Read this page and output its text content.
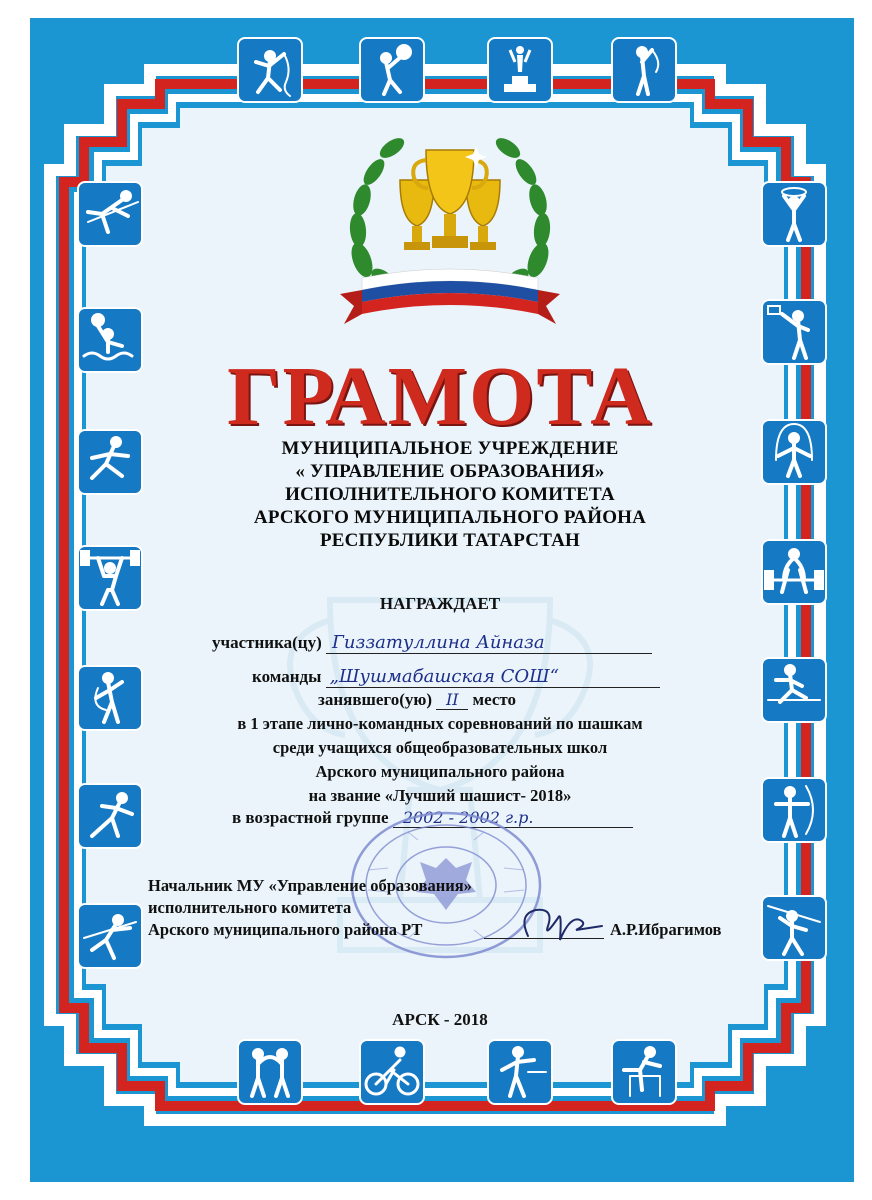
ГРАМОТА
МУНИЦИПАЛЬНОЕ УЧРЕЖДЕНИЕ
« УПРАВЛЕНИЕ ОБРАЗОВАНИЯ»
ИСПОЛНИТЕЛЬНОГО КОМИТЕТА
АРСКОГО МУНИЦИПАЛЬНОГО РАЙОНА
РЕСПУБЛИКИ ТАТАРСТАН
НАГРАЖДАЕТ
участника(цу) Гиззатуллина Айназа
команды „Шушмабашская СОШ“
занявшего(ую) II место
в 1 этапе лично-командных соревнований по шашкам
среди учащихся общеобразовательных школ
Арского муниципального района
на звание «Лучший шашист- 2018»
в возрастной группе 2002 - 2002 г.р.
Начальник МУ «Управление образования»
исполнительного комитета
Арского муниципального района РТ	А.Р.Ибрагимов
АРСК - 2018
